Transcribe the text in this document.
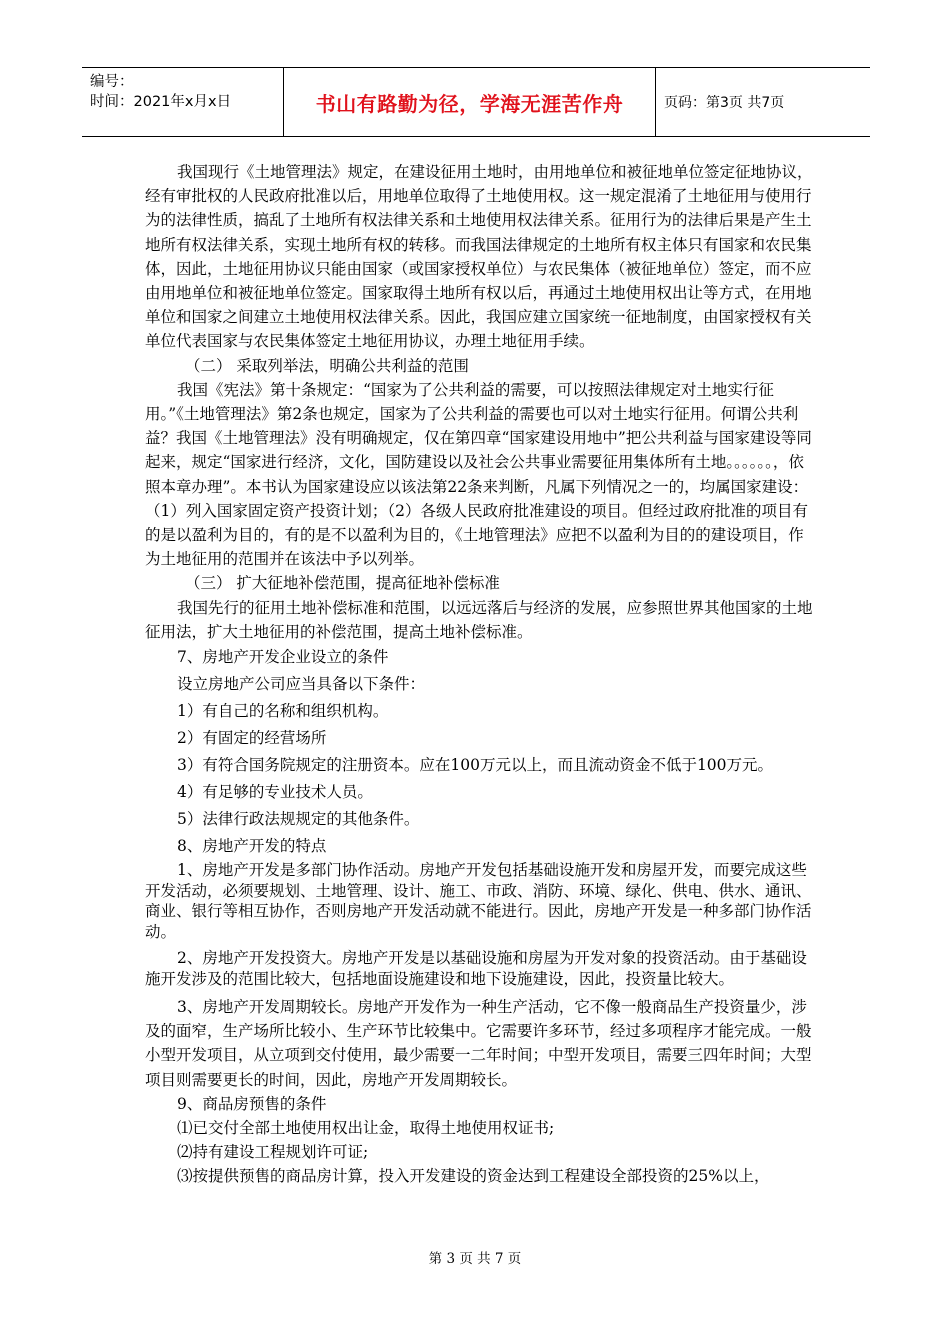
编号：
时间：2021年x月x日	书山有路勤为径，学海无涯苦作舟	页码：第3页 共7页

我国现行《土地管理法》规定，在建设征用土地时，由用地单位和被征地单位签定征地协议，经有审批权的人民政府批准以后，用地单位取得了土地使用权。这一规定混淆了土地征用与使用行为的法律性质，搞乱了土地所有权法律关系和土地使用权法律关系。征用行为的法律后果是产生土地所有权法律关系，实现土地所有权的转移。而我国法律规定的土地所有权主体只有国家和农民集体，因此，土地征用协议只能由国家（或国家授权单位）与农民集体（被征地单位）签定，而不应由用地单位和被征地单位签定。国家取得土地所有权以后，再通过土地使用权出让等方式，在用地单位和国家之间建立土地使用权法律关系。因此，我国应建立国家统一征地制度，由国家授权有关单位代表国家与农民集体签定土地征用协议，办理土地征用手续。

（二） 采取列举法，明确公共利益的范围

我国《宪法》第十条规定：“国家为了公共利益的需要，可以按照法律规定对土地实行征用。”《土地管理法》第2条也规定，国家为了公共利益的需要也可以对土地实行征用。何谓公共利益？我国《土地管理法》没有明确规定，仅在第四章“国家建设用地中”把公共利益与国家建设等同起来，规定“国家进行经济，文化，国防建设以及社会公共事业需要征用集体所有土地。。。。。。，依照本章办理”。本书认为国家建设应以该法第22条来判断，凡属下列情况之一的，均属国家建设：（1）列入国家固定资产投资计划；（2）各级人民政府批准建设的项目。但经过政府批准的项目有的是以盈利为目的，有的是不以盈利为目的，《土地管理法》应把不以盈利为目的的建设项目，作为土地征用的范围并在该法中予以列举。

（三） 扩大征地补偿范围，提高征地补偿标准

我国先行的征用土地补偿标准和范围，以远远落后与经济的发展，应参照世界其他国家的土地征用法，扩大土地征用的补偿范围，提高土地补偿标准。

7、房地产开发企业设立的条件

设立房地产公司应当具备以下条件：

1）有自己的名称和组织机构。

2）有固定的经营场所

3）有符合国务院规定的注册资本。应在100万元以上，而且流动资金不低于100万元。

4）有足够的专业技术人员。

5）法律行政法规规定的其他条件。

8、房地产开发的特点

1、房地产开发是多部门协作活动。房地产开发包括基础设施开发和房屋开发，而要完成这些开发活动，必须要规划、土地管理、设计、施工、市政、消防、环境、绿化、供电、供水、通讯、商业、银行等相互协作，否则房地产开发活动就不能进行。因此，房地产开发是一种多部门协作活动。

2、房地产开发投资大。房地产开发是以基础设施和房屋为开发对象的投资活动。由于基础设施开发涉及的范围比较大，包括地面设施建设和地下设施建设，因此，投资量比较大。

3、房地产开发周期较长。房地产开发作为一种生产活动，它不像一般商品生产投资量少，涉及的面窄，生产场所比较小、生产环节比较集中。它需要许多环节，经过多项程序才能完成。一般小型开发项目，从立项到交付使用，最少需要一二年时间；中型开发项目，需要三四年时间；大型项目则需要更长的时间，因此，房地产开发周期较长。

9、商品房预售的条件

⑴已交付全部土地使用权出让金，取得土地使用权证书;

⑵持有建设工程规划许可证;

⑶按提供预售的商品房计算，投入开发建设的资金达到工程建设全部投资的25%以上，

第 3 页 共 7 页
